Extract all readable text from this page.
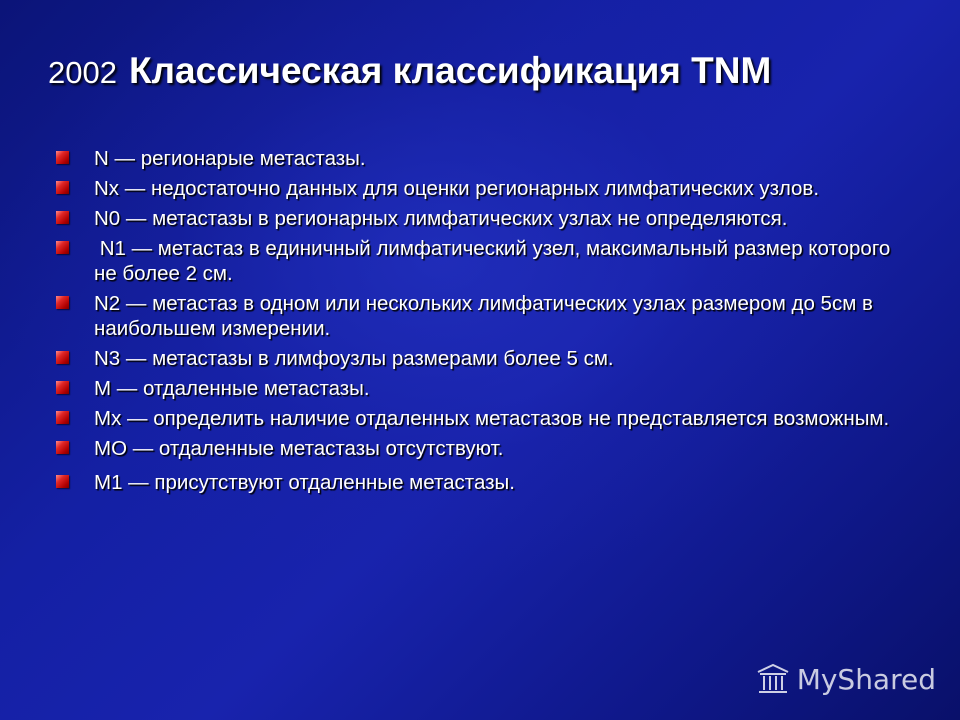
2002 Классическая классификация TNM
N — регионарые метастазы.
Nx — недостаточно данных для оценки регионарных лимфатических узлов.
N0 — метастазы в регионарных лимфатических узлах не определяются.
N1 — метастаз в единичный лимфатический узел, максимальный размер которого не более 2 см.
N2 — метастаз в одном или нескольких лимфатических узлах размером до 5см в наибольшем измерении.
N3 — метастазы в лимфоузлы размерами более 5 см.
М — отдаленные метастазы.
Mx — определить наличие отдаленных метастазов не представляется возможным.
МО — отдаленные метастазы отсутствуют.
M1 — присутствуют отдаленные метастазы.
MyShared
